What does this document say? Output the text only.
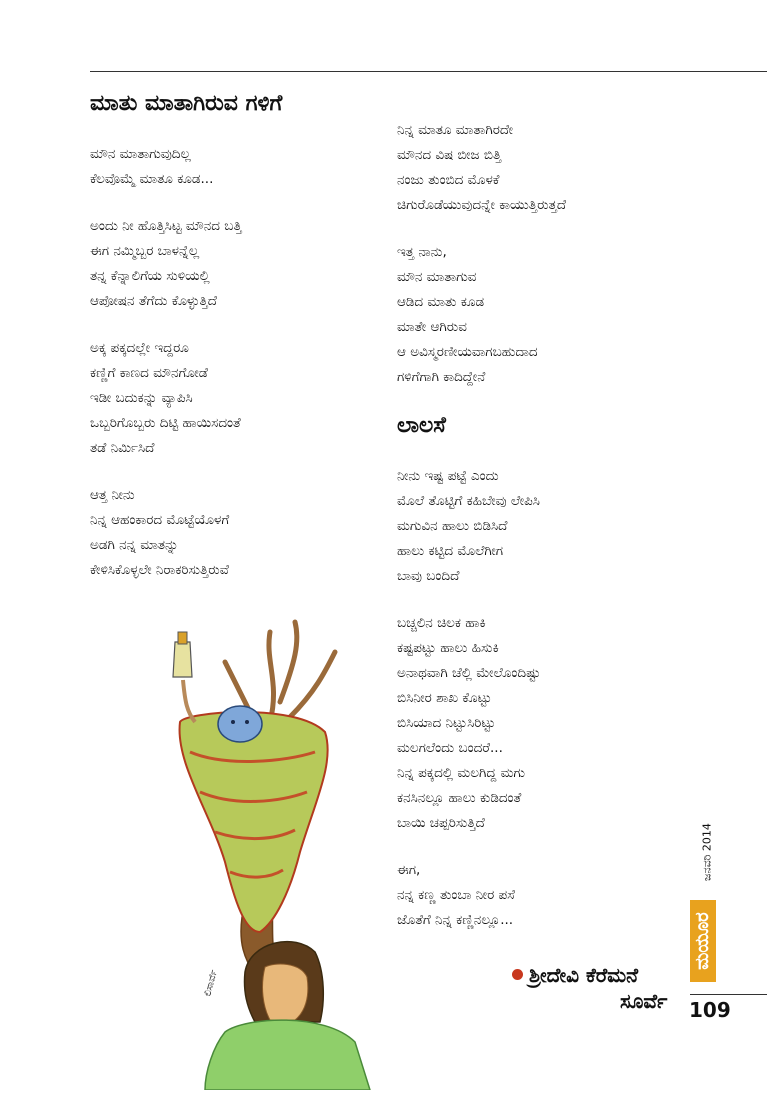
ಮಾತು ಮಾತಾಗಿರುವ ಗಳಿಗೆ
ಮೌನ ಮಾತಾಗುವುದಿಲ್ಲ
ಕೆಲವೊಮ್ಮೆ ಮಾತೂ ಕೂಡ...
ಅಂದು ನೀ ಹೊತ್ತಿಸಿಟ್ಟ ಮೌನದ ಬತ್ತಿ
ಈಗ ನಮ್ಮಿಬ್ಬರ ಬಾಳನ್ನೆಲ್ಲ
ತನ್ನ ಕೆನ್ನಾಲಿಗೆಯ ಸುಳಿಯಲ್ಲಿ
ಆಪೋಷನ ತೆಗೆದು ಕೊಳ್ಳುತ್ತಿದೆ
ಅಕ್ಕ ಪಕ್ಕದಲ್ಲೇ ಇದ್ದರೂ
ಕಣ್ಣಿಗೆ ಕಾಣದ ಮೌನಗೋಡೆ
ಇಡೀ ಬದುಕನ್ನು ವ್ಯಾಪಿಸಿ
ಒಬ್ಬರಿಗೊಬ್ಬರು ದಿಟ್ಟಿ ಹಾಯಿಸದಂತೆ
ತಡೆ ನಿರ್ಮಿಸಿದೆ
ಆತ್ತ ನೀನು
ನಿನ್ನ ಆಹಂಕಾರದ ಮೊಟ್ಟೆಯೊಳಗೆ
ಅಡಗಿ ನನ್ನ ಮಾತನ್ನು
ಕೇಳಿಸಿಕೊಳ್ಳಲೇ ನಿರಾಕರಿಸುತ್ತಿರುವೆ
ನಿನ್ನ ಮಾತೂ ಮಾತಾಗಿರದೇ
ಮೌನದ ವಿಷ ಬೀಜ ಬಿತ್ತಿ
ನಂಜು ತುಂಬಿದ ಮೊಳಕೆ
ಚಿಗುರೊಡೆಯುವುದನ್ನೇ ಕಾಯುತ್ತಿರುತ್ತದೆ
ಇತ್ತ ನಾನು,
ಮೌನ ಮಾತಾಗುವ
ಆಡಿದ ಮಾತು ಕೂಡ
ಮಾತೇ ಆಗಿರುವ
ಆ ಅವಿಸ್ಮರಣೀಯವಾಗಬಹುದಾದ
ಗಳಿಗೆಗಾಗಿ ಕಾದಿದ್ದೇನೆ
ಲಾಲಸೆ
ನೀನು ಇಷ್ಟ ಪಟ್ಟೆ ಎಂದು
ಮೊಲೆ ತೊಟ್ಟಿಗೆ ಕಹಿಬೇವು ಲೇಪಿಸಿ
ಮಗುವಿನ ಹಾಲು ಬಿಡಿಸಿದೆ
ಹಾಲು ಕಟ್ಟಿದ ಮೊಲೆಗೀಗ
ಬಾವು ಬಂದಿದೆ
ಬಚ್ಚಲಿನ ಚಿಲಕ ಹಾಕಿ
ಕಷ್ಟಪಟ್ಟು ಹಾಲು ಹಿಸುಕಿ
ಅನಾಥವಾಗಿ ಚೆಲ್ಲಿ ಮೇಲೊಂದಿಷ್ಟು
ಬಿಸಿನೀರ ಶಾಖ ಕೊಟ್ಟು
ಬಿಸಿಯಾದ ನಿಟ್ಟುಸಿರಿಟ್ಟು
ಮಲಗಲೆಂದು ಬಂದರೆ...
ನಿನ್ನ ಪಕ್ಕದಲ್ಲಿ ಮಲಗಿದ್ದ ಮಗು
ಕನಸಿನಲ್ಲೂ ಹಾಲು ಕುಡಿದಂತೆ
ಬಾಯಿ ಚಪ್ಪರಿಸುತ್ತಿದೆ
ಈಗ,
ನನ್ನ ಕಣ್ಣ ತುಂಬಾ ನೀರ ಪಸೆ
ಜೊತೆಗೆ ನಿನ್ನ ಕಣ್ಣಿನಲ್ಲೂ...
ಲಿಸಾರ್ವೆ	ಶ್ರೀದೇವಿ ಕೆರೆಮನೆ
ಸೂರ್ವೆ
ಜನವರಿ 2014
ಮಯೂರ
109
